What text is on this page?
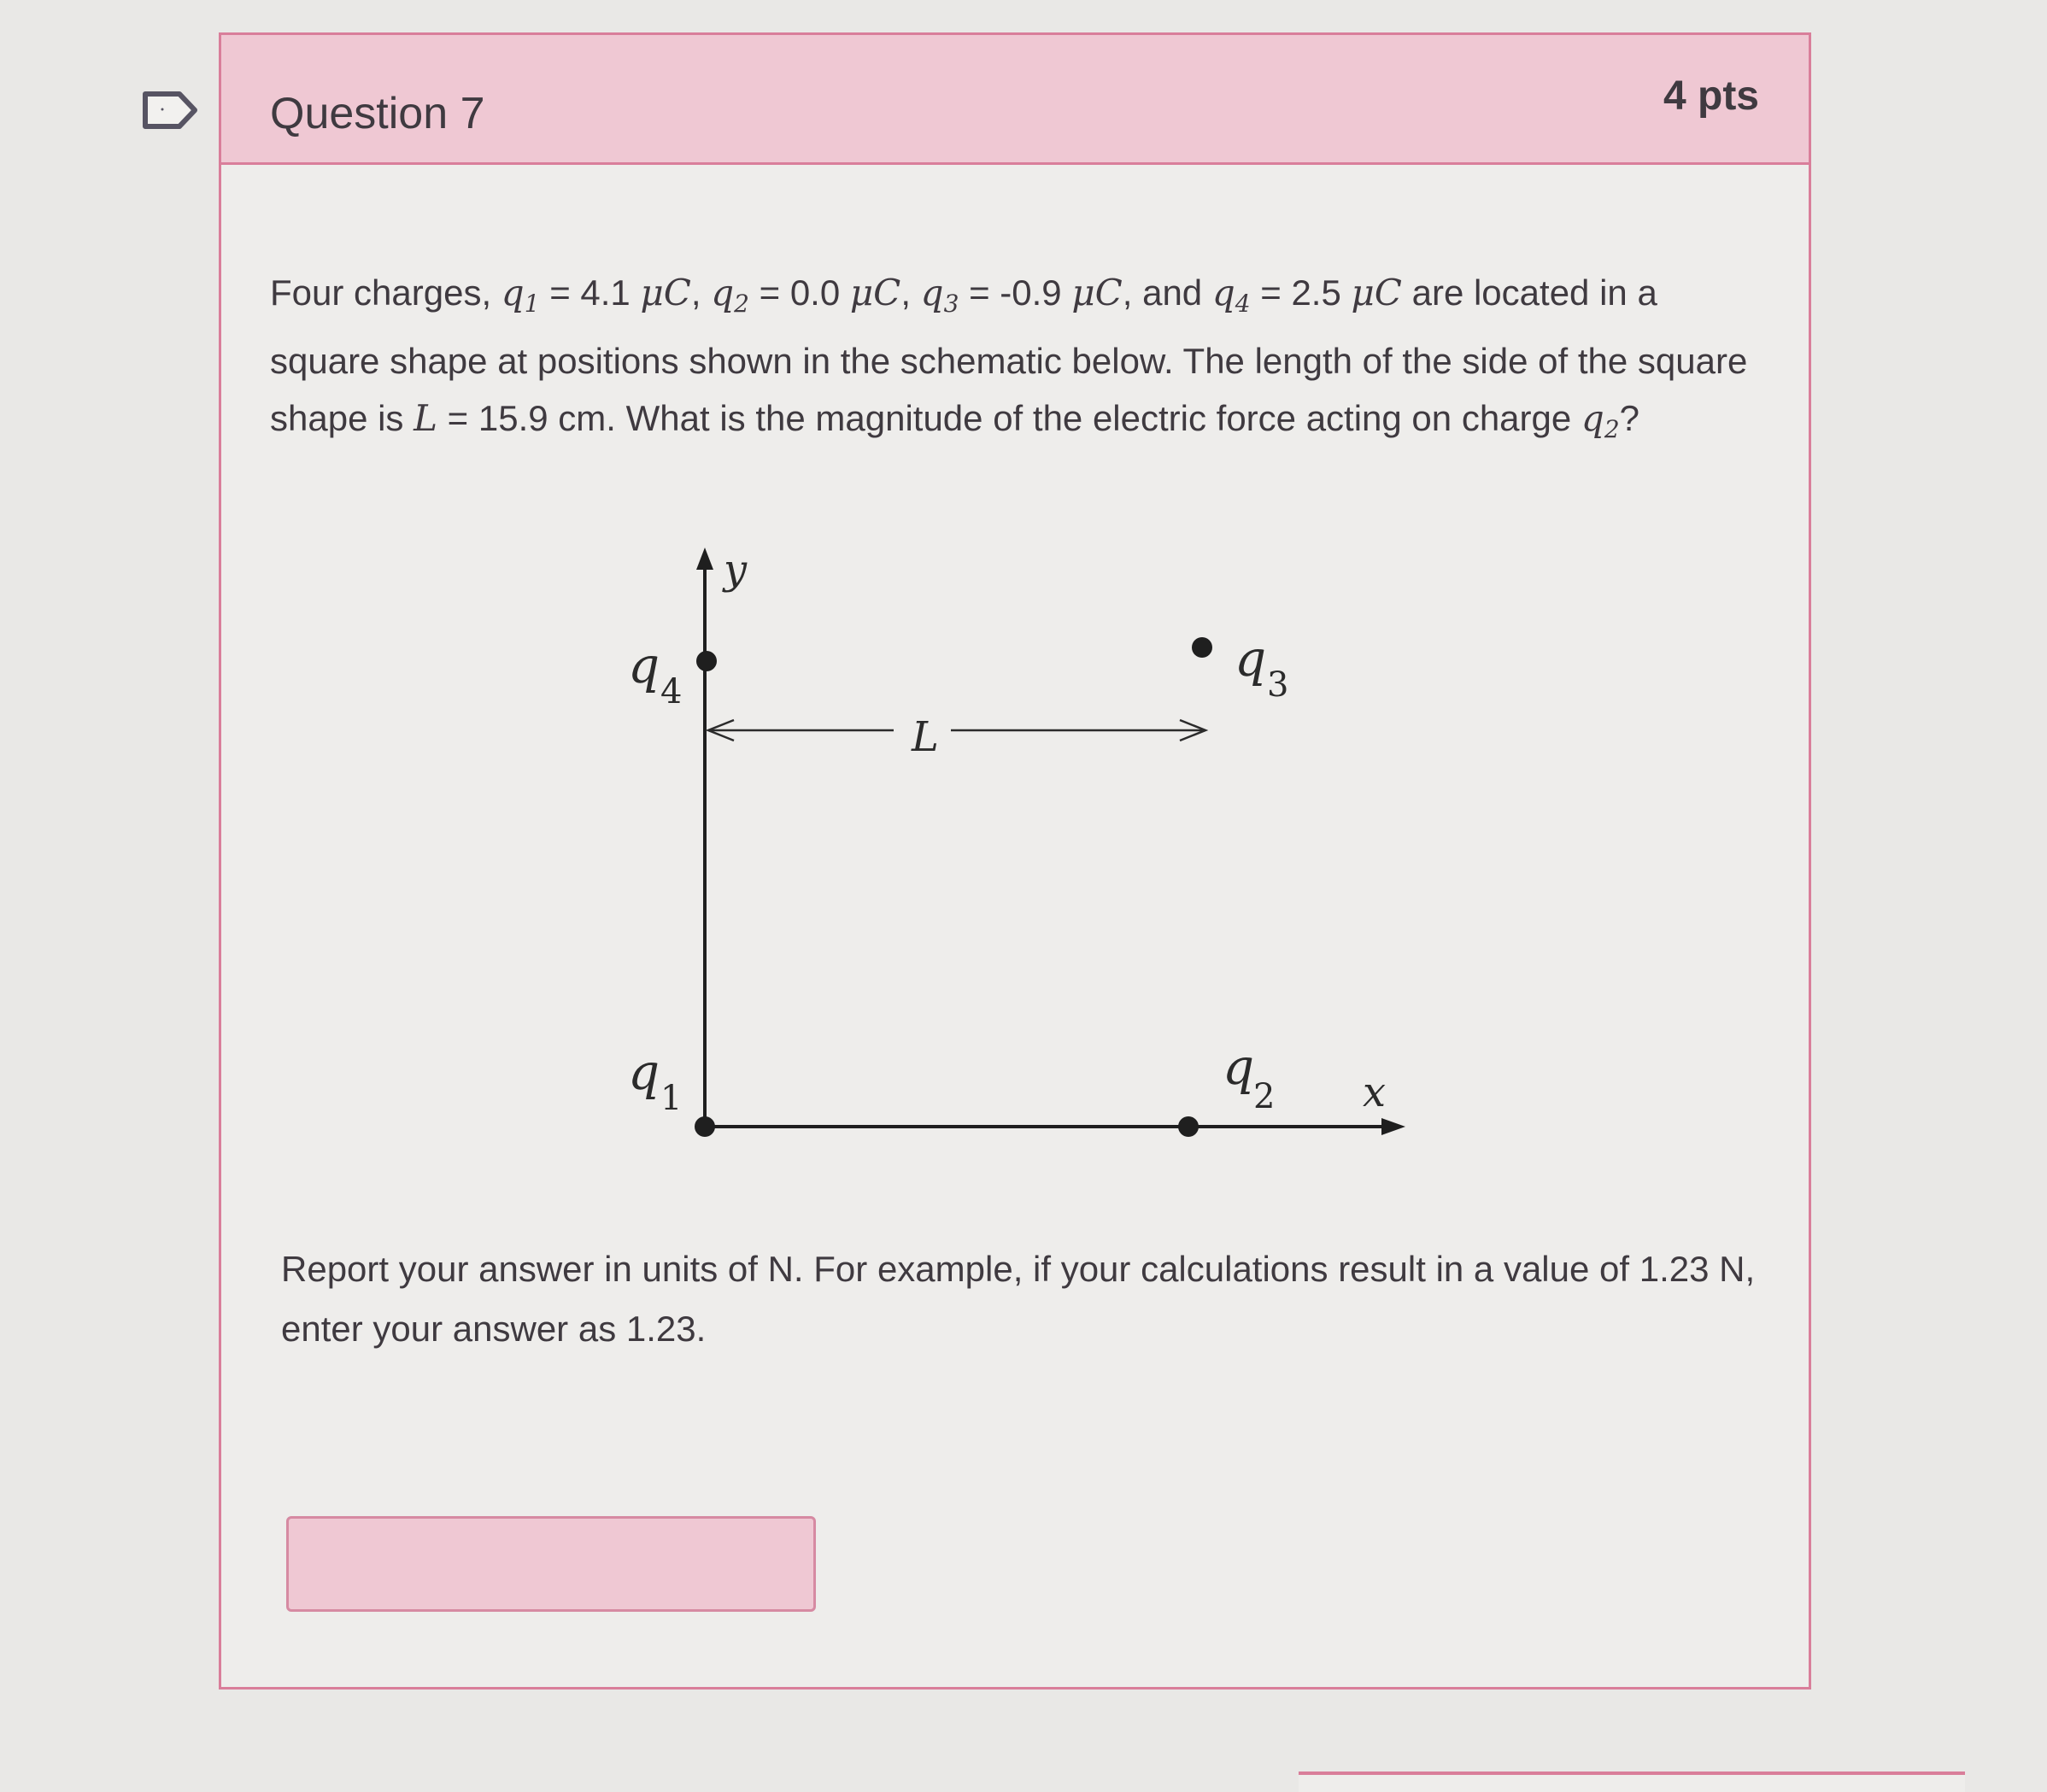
Question 7	4 pts
Four charges, $q_1 = 4.1$ μC, $q_2 = 0.0$ μC, $q_3 = -0.9$ μC, and $q_4 = 2.5$ μC are located in a square shape at positions shown in the schematic below. The length of the side of the square shape is L = 15.9 cm. What is the magnitude of the electric force acting on charge $q_2$?
L
q 4
q 3
q 1
q
2
y
x
Report your answer in units of N. For example, if your calculations result in a value of 1.23 N, enter your answer as 1.23.
